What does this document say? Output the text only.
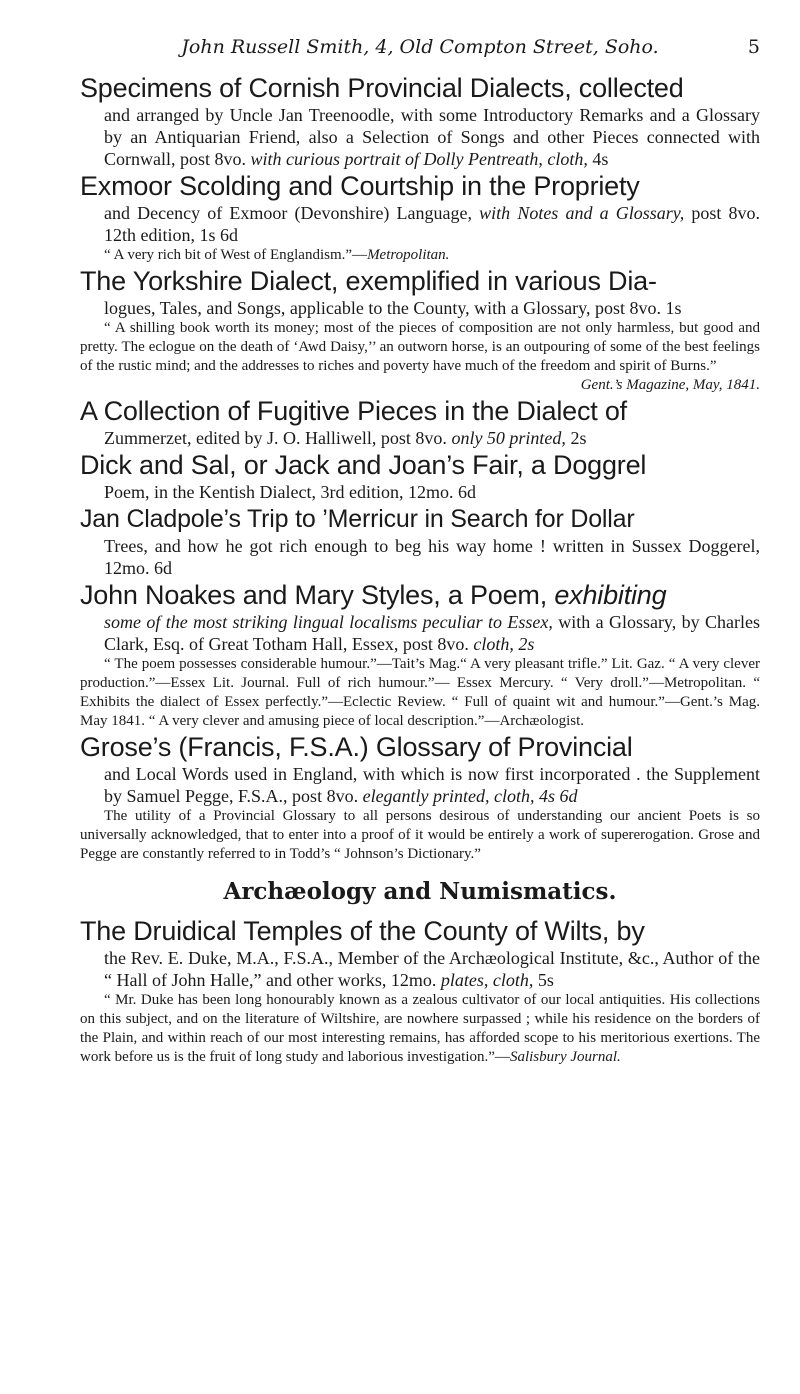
John Russell Smith, 4, Old Compton Street, Soho.	5
Specimens of Cornish Provincial Dialects, collected
and arranged by Uncle Jan Treenoodle, with some Introductory Remarks and a Glossary by an Antiquarian Friend, also a Selection of Songs and other Pieces connected with Cornwall, post 8vo. with curious portrait of Dolly Pentreath, cloth, 4s
Exmoor Scolding and Courtship in the Propriety
and Decency of Exmoor (Devonshire) Language, with Notes and a Glossary, post 8vo. 12th edition, 1s 6d
“ A very rich bit of West of Englandism.”—Metropolitan.
The Yorkshire Dialect, exemplified in various Dia-
logues, Tales, and Songs, applicable to the County, with a Glossary, post 8vo. 1s
“ A shilling book worth its money; most of the pieces of composition are not only harmless, but good and pretty. The eclogue on the death of ‘Awd Daisy,’’ an outworn horse, is an outpouring of some of the best feelings of the rustic mind; and the addresses to riches and poverty have much of the freedom and spirit of Burns.”
Gent.’s Magazine, May, 1841.
A Collection of Fugitive Pieces in the Dialect of
Zummerzet, edited by J. O. Halliwell, post 8vo. only 50 printed, 2s
Dick and Sal, or Jack and Joan’s Fair, a Doggrel
Poem, in the Kentish Dialect, 3rd edition, 12mo. 6d
Jan Cladpole’s Trip to ’Merricur in Search for Dollar
Trees, and how he got rich enough to beg his way home ! written in Sussex Doggerel, 12mo. 6d
John Noakes and Mary Styles, a Poem, exhibiting
some of the most striking lingual localisms peculiar to Essex, with a Glossary, by Charles Clark, Esq. of Great Totham Hall, Essex, post 8vo. cloth, 2s
“ The poem possesses considerable humour.”—Tait’s Mag.“ A very pleasant trifle.” Lit. Gaz. “ A very clever production.”—Essex Lit. Journal. Full of rich humour.”— Essex Mercury. “ Very droll.”—Metropolitan. “ Exhibits the dialect of Essex perfectly.”—Eclectic Review. “ Full of quaint wit and humour.”—Gent.’s Mag. May 1841. “ A very clever and amusing piece of local description.”—Archæologist.
Grose’s (Francis, F.S.A.) Glossary of Provincial
and Local Words used in England, with which is now first incorporated . the Supplement by Samuel Pegge, F.S.A., post 8vo. elegantly printed, cloth, 4s 6d
The utility of a Provincial Glossary to all persons desirous of understanding our ancient Poets is so universally acknowledged, that to enter into a proof of it would be entirely a work of supererogation. Grose and Pegge are constantly referred to in Todd’s “ Johnson’s Dictionary.”
Archæology and Numismatics.
The Druidical Temples of the County of Wilts, by
the Rev. E. Duke, M.A., F.S.A., Member of the Archæological Institute, &c., Author of the “ Hall of John Halle,” and other works, 12mo. plates, cloth, 5s
“ Mr. Duke has been long honourably known as a zealous cultivator of our local antiquities. His collections on this subject, and on the literature of Wiltshire, are nowhere surpassed ; while his residence on the borders of the Plain, and within reach of our most interesting remains, has afforded scope to his meritorious exertions. The work before us is the fruit of long study and laborious investigation.”—Salisbury Journal.
